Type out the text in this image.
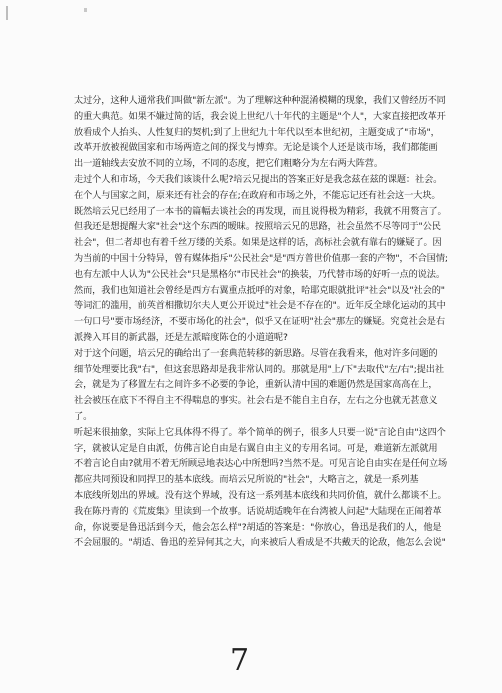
太过分，这种人通常我们叫做"新左派"。为了理解这种种混淆模糊的现象，我们又曾经历不同
的重大典范。如果不嫌过简的话，我会说上世纪八十年代的主题是"个人"，大家直接把改革开
放看成个人抬头、人性复归的契机;到了上世纪九十年代以至本世纪初，主题变成了"市场"，
改革开放被视做国家和市场两造之间的探戈与博弈。无论是谈个人还是谈市场，我们都能画
出一道轴线去安放不同的立场，不同的态度，把它们粗略分为左右两大阵营。
走过个人和市场，今天我们该谈什么呢?培云兄提出的答案正好是我念兹在兹的课题：社会。
在个人与国家之间，原来还有社会的存在;在政府和市场之外，不能忘记还有社会这一大块。
既然培云兄已经用了一本书的篇幅去谈社会的再发现，而且说得极为精彩，我就不用赘言了。
但我还是想提醒大家"社会"这个东西的暧昧。按照培云兄的思路，社会虽然不尽等同于"公民
社会"，但二者却也有着千丝万缕的关系。如果是这样的话，高标社会就有靠右的嫌疑了。因
为当前的中国十分特异，曾有媒体指斥"公民社会"是"西方普世价值那一套的产物"，不合国情;
也有左派中人认为"公民社会"只是黑格尔"市民社会"的换装，乃代替市场的好听一点的说法。
然而，我们也知道社会曾经是西方右翼重点抵呼的对象，哈耶克眼就批评"社会"以及"社会的"
等词汇的滥用，前英首相撒切尔夫人更公开说过"社会是不存在的"。近年反全球化运动的其中
一句口号"要市场经济，不要市场化的社会"，似乎又在证明"社会"那左的嫌疑。究竟社会是右
派搀入耳目的新武器，还是左派暗度陈仓的小道道呢?
对于这个问题，培云兄的确给出了一套典范转移的新思路。尽管在我看来，他对许多问题的
细节处理要比我"右"，但这套思路却是我非常认同的。那就是用"上/下"去取代"左/右";提出社
会，就是为了移置左右之间许多不必要的争论，重新认清中国的难题仍然是国家高高在上，
社会被压在底下不得自主不得喘息的事实。社会右是不能自主自存，左右之分也就无甚意义
了。
听起来很抽象，实际上它具体得不得了。举个简单的例子，很多人只要一说"言论自由"这四个
字，就被认定是自由派，仿佛言论自由是右翼自由主义的专用名词。可是，难道新左派就用
不着言论自由?就用不着无所顾忌地表达心中所想吗?当然不是。可见言论自由实在是任何立场
都应共同预设和同捍卫的基本底线。而培云兄所说的"社会"，大略言之，就是一系列基
本底线所划出的界域。没有这个界域，没有这一系列基本底线和共同价值，就什么都谈不上。
我在陈丹青的《荒废集》里读到一个故事。话说胡适晚年在台湾被人问起"大陆现在正闹着革
命，你说要是鲁迅活到今天，他会怎么样"?胡适的答案是："你放心，鲁迅是我们的人，他是
不会屈服的。"胡适、鲁迅的差异何其之大，向来被后人看成是不共戴天的论敌，他怎么会说"
7
